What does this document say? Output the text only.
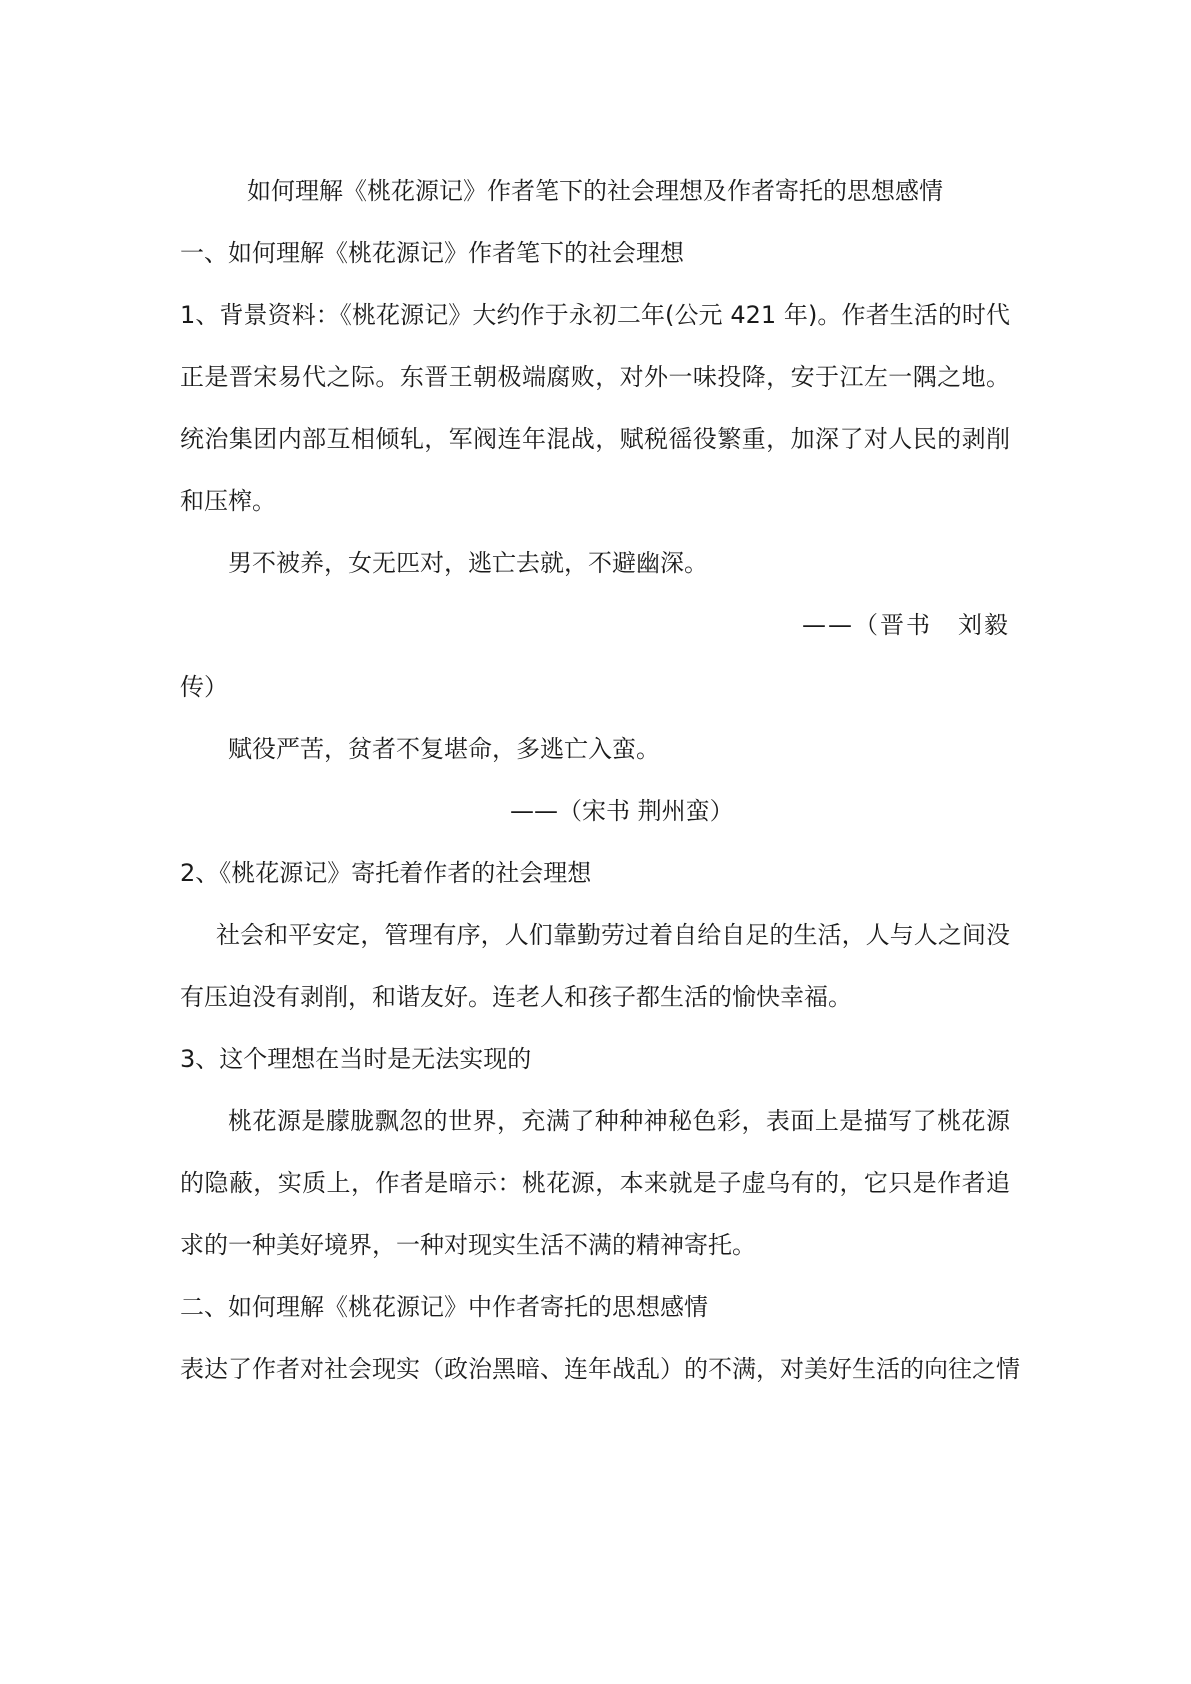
如何理解《桃花源记》作者笔下的社会理想及作者寄托的思想感情

一、如何理解《桃花源记》作者笔下的社会理想

1、背景资料：《桃花源记》大约作于永初二年(公元 421 年)。作者生活的时代正是晋宋易代之际。东晋王朝极端腐败，对外一味投降，安于江左一隅之地。统治集团内部互相倾轧，军阀连年混战，赋税徭役繁重，加深了对人民的剥削和压榨。

男不被养，女无匹对，逃亡去就，不避幽深。

——（晋书　刘毅

传）

赋役严苦，贫者不复堪命，多逃亡入蛮。

——（宋书 荆州蛮）

2、《桃花源记》寄托着作者的社会理想

社会和平安定，管理有序，人们靠勤劳过着自给自足的生活，人与人之间没有压迫没有剥削，和谐友好。连老人和孩子都生活的愉快幸福。

3、这个理想在当时是无法实现的

桃花源是朦胧飘忽的世界，充满了种种神秘色彩，表面上是描写了桃花源的隐蔽，实质上，作者是暗示：桃花源，本来就是子虚乌有的，它只是作者追求的一种美好境界，一种对现实生活不满的精神寄托。

二、如何理解《桃花源记》中作者寄托的思想感情

表达了作者对社会现实（政治黑暗、连年战乱）的不满，对美好生活的向往之情
